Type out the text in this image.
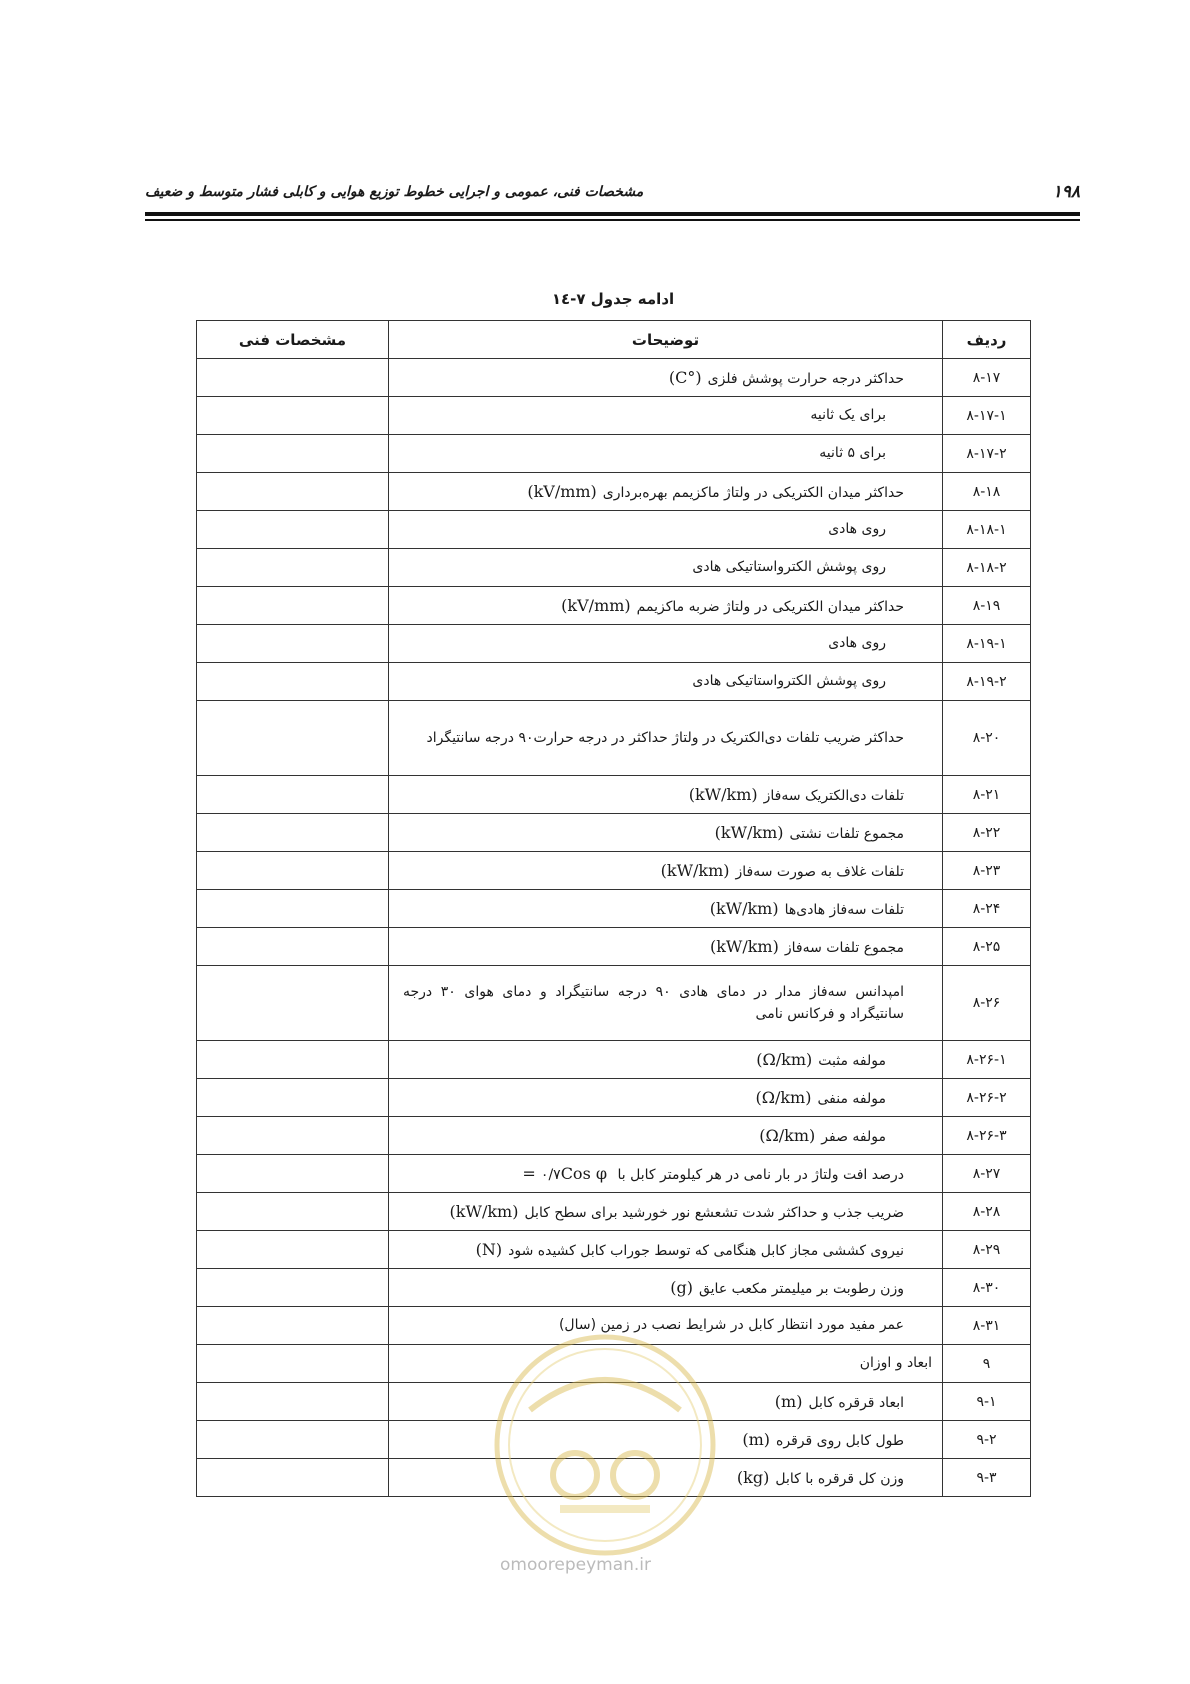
۱۹۸
مشخصات فنی، عمومی و اجرایی خطوط توزیع هوایی و کابلی فشار متوسط و ضعیف
ادامه جدول ۷-١٤
ردیف	توضیحات	مشخصات فنی
۸-۱۷	حداکثر درجه حرارت پوشش فلزی(°C)	
۸-۱۷-۱	برای یک ثانیه	
۸-۱۷-۲	برای ۵ ثانیه	
۸-۱۸	حداکثر میدان الکتریکی در ولتاژ ماکزیمم بهره‌برداری(kV/mm)	
۸-۱۸-۱	روی هادی	
۸-۱۸-۲	روی پوشش الکترواستاتیکی هادی	
۸-۱۹	حداکثر میدان الکتریکی در ولتاژ ضربه ماکزیمم(kV/mm)	
۸-۱۹-۱	روی هادی	
۸-۱۹-۲	روی پوشش الکترواستاتیکی هادی	
۸-۲۰	حداکثر ضریب تلفات دی‌الکتریک در ولتاژ حداکثر در درجه حرارت۹۰ درجه سانتیگراد	
۸-۲۱	تلفات دی‌الکتریک سه‌فاز(kW/km)	
۸-۲۲	مجموع تلفات نشتی(kW/km)	
۸-۲۳	تلفات غلاف به صورت سه‌فاز(kW/km)	
۸-۲۴	تلفات سه‌فاز هادی‌ها(kW/km)	
۸-۲۵	مجموع تلفات سه‌فاز(kW/km)	
۸-۲۶	امپدانس سه‌فاز مدار در دمای هادی ۹۰ درجه سانتیگراد و دمای هوای ۳۰ درجه سانتیگراد و فرکانس نامی	
۸-۲۶-۱	مولفه مثبت(Ω/km)	
۸-۲۶-۲	مولفه منفی(Ω/km)	
۸-۲۶-۳	مولفه صفر(Ω/km)	
۸-۲۷	درصد افت ولتاژ در بار نامی در هر کیلومتر کابل با ۰/۷Cos φ =	
۸-۲۸	ضریب جذب و حداکثر شدت تشعشع نور خورشید برای سطح کابل(kW/km)	
۸-۲۹	نیروی کششی مجاز کابل هنگامی که توسط جوراب کابل کشیده شود(N)	
۸-۳۰	وزن رطوبت بر میلیمتر مکعب عایق(g)	
۸-۳۱	عمر مفید مورد انتظار کابل در شرایط نصب در زمین (سال)	
۹	ابعاد و اوزان	
۹-۱	ابعاد قرقره کابل(m)	
۹-۲	طول کابل روی قرقره(m)	
۹-۳	وزن کل قرقره با کابل(kg)	
omoorepeyman.ir
